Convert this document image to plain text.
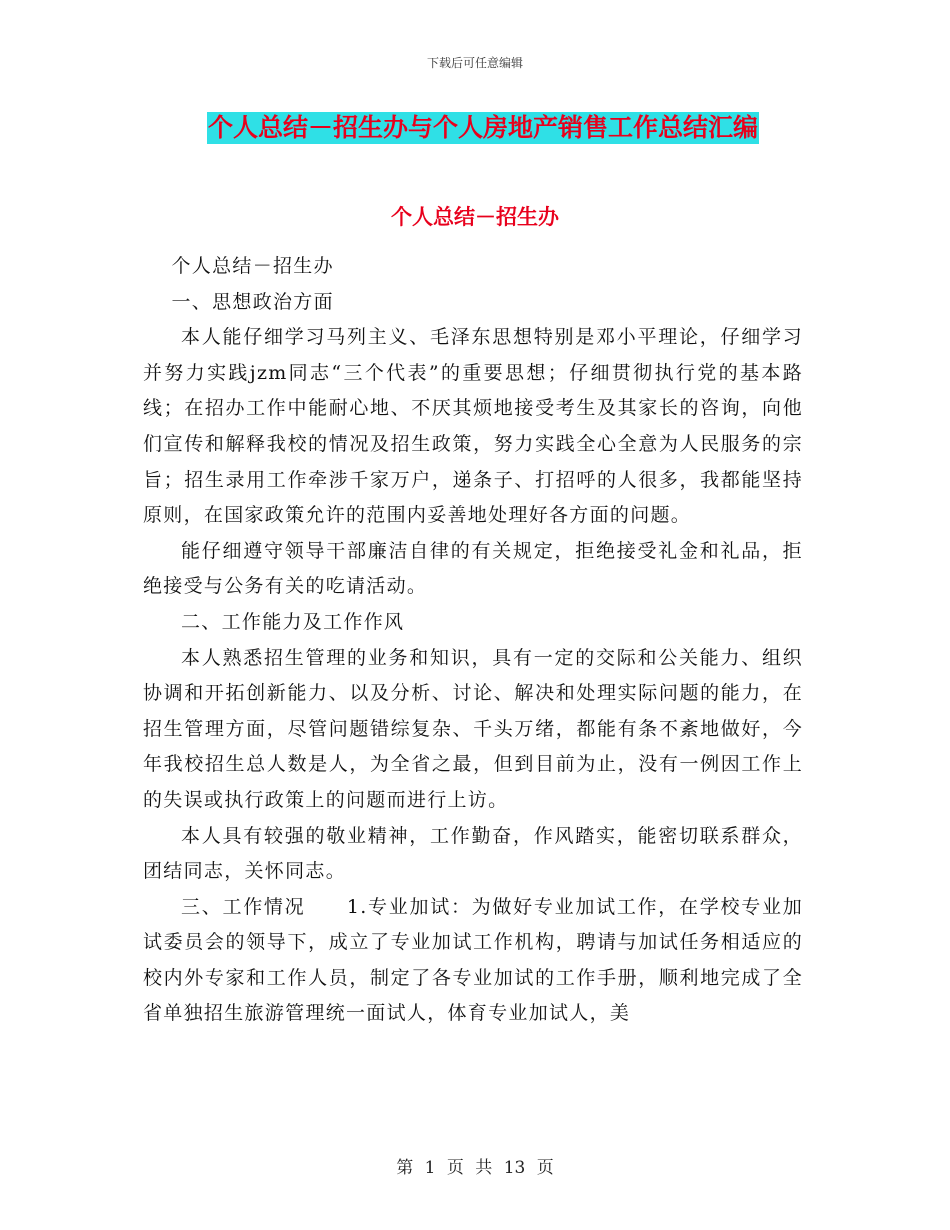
下载后可任意编辑
个人总结－招生办与个人房地产销售工作总结汇编
个人总结－招生办

个人总结－招生办

一、思想政治方面

本人能仔细学习马列主义、毛泽东思想特别是邓小平理论，仔细学习并努力实践jzm同志“三个代表”的重要思想；仔细贯彻执行党的基本路线；在招办工作中能耐心地、不厌其烦地接受考生及其家长的咨询，向他们宣传和解释我校的情况及招生政策，努力实践全心全意为人民服务的宗旨；招生录用工作牵涉千家万户，递条子、打招呼的人很多，我都能坚持原则，在国家政策允许的范围内妥善地处理好各方面的问题。

能仔细遵守领导干部廉洁自律的有关规定，拒绝接受礼金和礼品，拒绝接受与公务有关的吃请活动。

二、工作能力及工作作风

本人熟悉招生管理的业务和知识，具有一定的交际和公关能力、组织协调和开拓创新能力、以及分析、讨论、解决和处理实际问题的能力，在招生管理方面，尽管问题错综复杂、千头万绪，都能有条不紊地做好，今年我校招生总人数是人，为全省之最，但到目前为止，没有一例因工作上的失误或执行政策上的问题而进行上访。

本人具有较强的敬业精神，工作勤奋，作风踏实，能密切联系群众，团结同志，关怀同志。

三、工作情况　　1.专业加试：为做好专业加试工作，在学校专业加试委员会的领导下，成立了专业加试工作机构，聘请与加试任务相适应的校内外专家和工作人员，制定了各专业加试的工作手册，顺利地完成了全省单独招生旅游管理统一面试人，体育专业加试人，美

第 1 页 共 13 页
